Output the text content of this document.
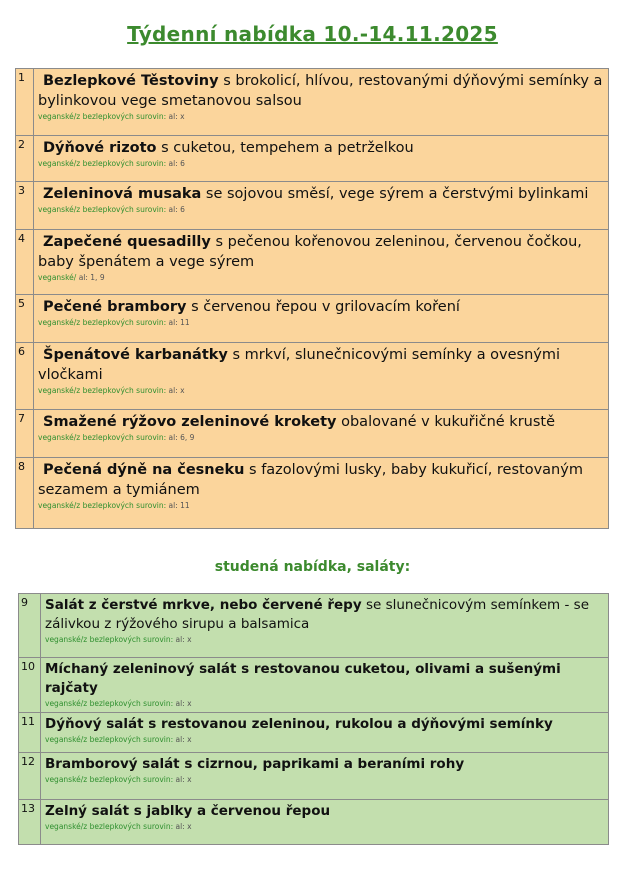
Týdenní nabídka 10.-14.11.2025
1	Bezlepkové Těstoviny s brokolicí, hlívou, restovanými dýňovými semínky a bylinkovou vege smetanovou salsou
veganské/z bezlepkových surovin: al: x

2	Dýňové rizoto s cuketou, tempehem a petrželkou
veganské/z bezlepkových surovin: al: 6

3	Zeleninová musaka se sojovou směsí, vege sýrem a čerstvými bylinkami
veganské/z bezlepkových surovin: al: 6

4	Zapečené quesadilly s pečenou kořenovou zeleninou, červenou čočkou, baby špenátem a vege sýrem
veganské/ al: 1, 9

5	Pečené brambory s červenou řepou v grilovacím koření
veganské/z bezlepkových surovin: al: 11

6	Špenátové karbanátky s mrkví, slunečnicovými semínky a ovesnými vločkami
veganské/z bezlepkových surovin: al: x

7	Smažené rýžovo zeleninové krokety obalované v kukuřičné krustě
veganské/z bezlepkových surovin: al: 6, 9

8	Pečená dýně na česneku s fazolovými lusky, baby kukuřicí, restovaným sezamem a tymiánem
veganské/z bezlepkových surovin: al: 11
studená nabídka, saláty:
9	Salát z čerstvé mrkve, nebo červené řepy se slunečnicovým semínkem - se zálivkou z rýžového sirupu a balsamica
veganské/z bezlepkových surovin: al: x

10	Míchaný zeleninový salát s restovanou cuketou, olivami a sušenými rajčaty
veganské/z bezlepkových surovin: al: x

11	Dýňový salát s restovanou zeleninou, rukolou a dýňovými semínky
veganské/z bezlepkových surovin: al: x

12	Bramborový salát s cizrnou, paprikami a beraními rohy
veganské/z bezlepkových surovin: al: x

13	Zelný salát s jablky a červenou řepou
veganské/z bezlepkových surovin: al: x
